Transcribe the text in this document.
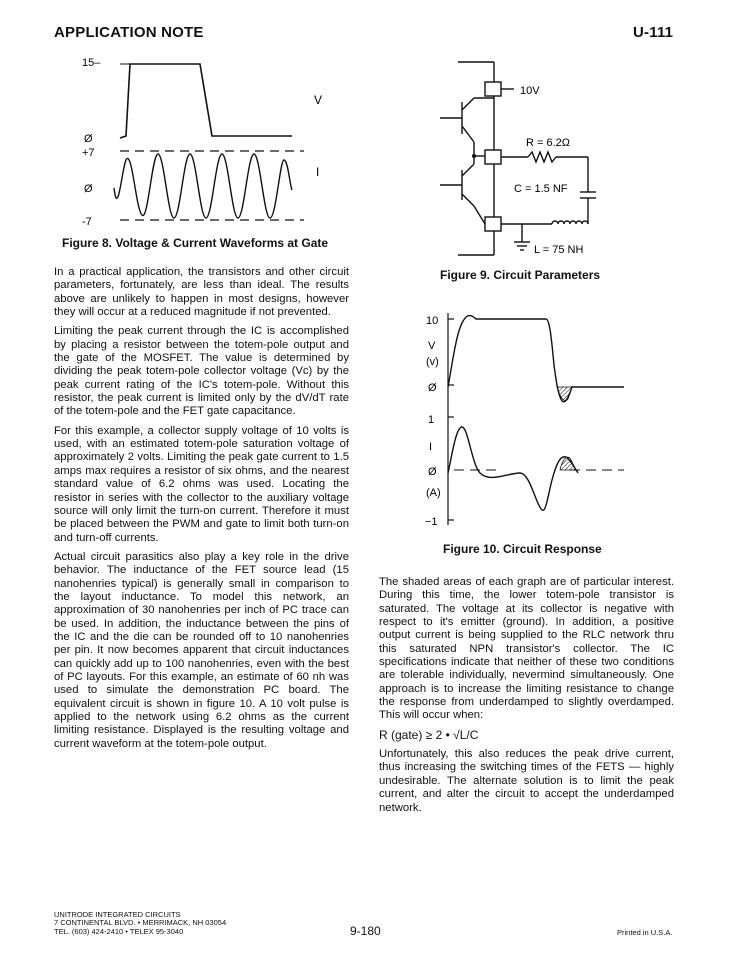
APPLICATION NOTE	U-111
15–
Ø
V
+7
Ø
-7
I
Figure 8. Voltage & Current Waveforms at Gate

In a practical application, the transistors and other circuit parameters, fortunately, are less than ideal. The results above are unlikely to happen in most designs, however they will occur at a reduced magnitude if not prevented.

Limiting the peak current through the IC is accomplished by placing a resistor between the totem-pole output and the gate of the MOSFET. The value is determined by dividing the peak totem-pole collector voltage (Vc) by the peak current rating of the IC's totem-pole. Without this resistor, the peak current is limited only by the dV/dT rate of the totem-pole and the FET gate capacitance.

For this example, a collector supply voltage of 10 volts is used, with an estimated totem-pole saturation voltage of approximately 2 volts. Limiting the peak gate current to 1.5 amps max requires a resistor of six ohms, and the nearest standard value of 6.2 ohms was used. Locating the resistor in series with the collector to the auxiliary voltage source will only limit the turn-on current. Therefore it must be placed between the PWM and gate to limit both turn-on and turn-off currents.

Actual circuit parasitics also play a key role in the drive behavior. The inductance of the FET source lead (15 nanohenries typical) is generally small in comparison to the layout inductance. To model this network, an approximation of 30 nanohenries per inch of PC trace can be used. In addition, the inductance between the pins of the IC and the die can be rounded off to 10 nanohenries per pin. It now becomes apparent that circuit inductances can quickly add up to 100 nanohenries, even with the best of PC layouts. For this example, an estimate of 60 nh was used to simulate the demonstration PC board. The equivalent circuit is shown in figure 10. A 10 volt pulse is applied to the network using 6.2 ohms as the current limiting resistance. Displayed is the resulting voltage and current waveform at the totem-pole output.

10V
R = 6.2Ω
C = 1.5 NF
L = 75 NH
Figure 9. Circuit Parameters
10
V
(v)
Ø
1
I
Ø
(A)
−1
Figure 10. Circuit Response

The shaded areas of each graph are of particular interest. During this time, the lower totem-pole transistor is saturated. The voltage at its collector is negative with respect to it's emitter (ground). In addition, a positive output current is being supplied to the RLC network thru this saturated NPN transistor's collector. The IC specifications indicate that neither of these two conditions are tolerable individually, nevermind simultaneously. One approach is to increase the limiting resistance to change the response from underdamped to slightly overdamped. This will occur when:

R (gate) ≥ 2 • √L/C

Unfortunately, this also reduces the peak drive current, thus increasing the switching times of the FETS — highly undesirable. The alternate solution is to limit the peak current, and alter the circuit to accept the underdamped network.

UNITRODE INTEGRATED CIRCUITS
7 CONTINENTAL BLVD. • MERRIMACK, NH 03054
TEL. (603) 424-2410 • TELEX 95-3040	9-180	Printed in U.S.A.
